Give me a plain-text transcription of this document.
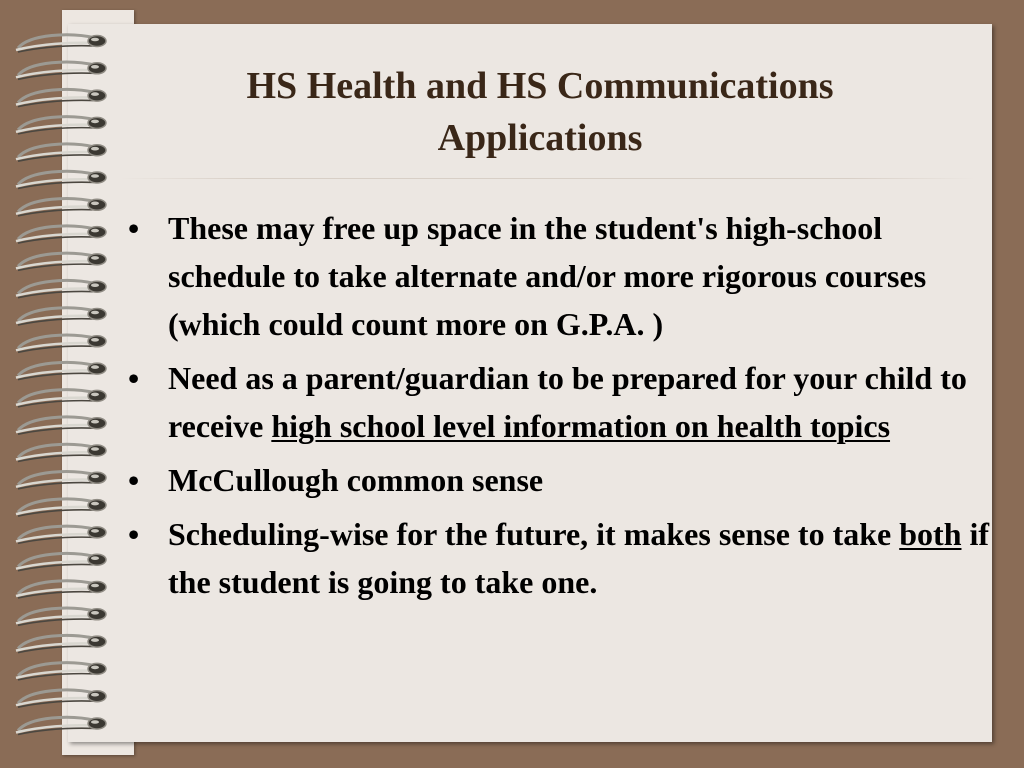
HS Health and HS Communications
Applications
• These may free up space in the student's high-school schedule to take alternate and/or more rigorous courses (which could count more on G.P.A. )
• Need as a parent/guardian to be prepared for your child to receive high school level information on health topics
• McCullough common sense
• Scheduling-wise for the future, it makes sense to take both if the student is going to take one.
